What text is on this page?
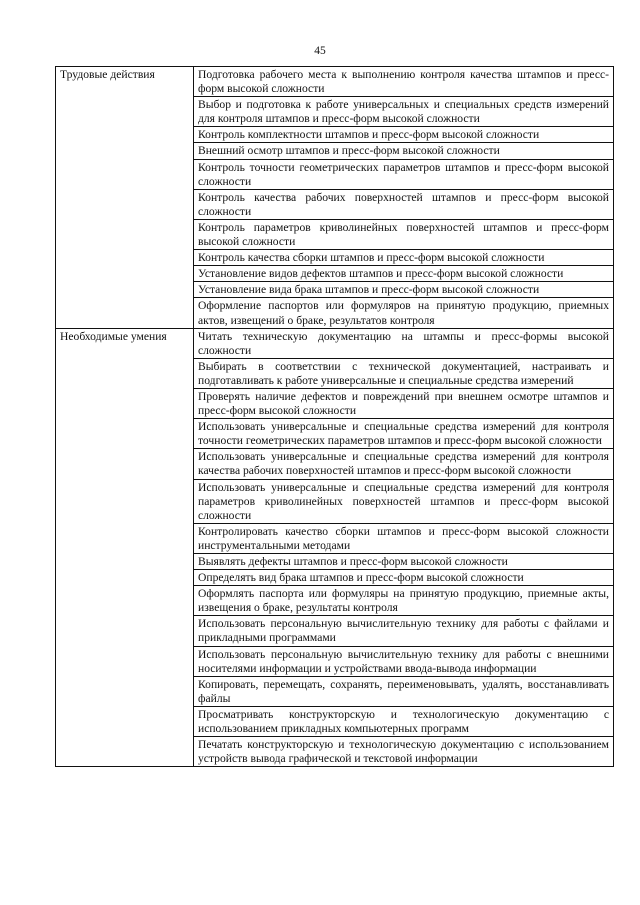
45
Трудовые действия	Подготовка рабочего места к выполнению контроля качества штампов и пресс-форм высокой сложности
	Выбор и подготовка к работе универсальных и специальных средств измерений для контроля штампов и пресс-форм высокой сложности
	Контроль комплектности штампов и пресс-форм высокой сложности
	Внешний осмотр штампов и пресс-форм высокой сложности
	Контроль точности геометрических параметров штампов и пресс-форм высокой сложности
	Контроль качества рабочих поверхностей штампов и пресс-форм высокой сложности
	Контроль параметров криволинейных поверхностей штампов и пресс-форм высокой сложности
	Контроль качества сборки штампов и пресс-форм высокой сложности
	Установление видов дефектов штампов и пресс-форм высокой сложности
	Установление вида брака штампов и пресс-форм высокой сложности
	Оформление паспортов или формуляров на принятую продукцию, приемных актов, извещений о браке, результатов контроля
Необходимые умения	Читать техническую документацию на штампы и пресс-формы высокой сложности
	Выбирать в соответствии с технической документацией, настраивать и подготавливать к работе универсальные и специальные средства измерений
	Проверять наличие дефектов и повреждений при внешнем осмотре штампов и пресс-форм высокой сложности
	Использовать универсальные и специальные средства измерений для контроля точности геометрических параметров штампов и пресс-форм высокой сложности
	Использовать универсальные и специальные средства измерений для контроля качества рабочих поверхностей штампов и пресс-форм высокой сложности
	Использовать универсальные и специальные средства измерений для контроля параметров криволинейных поверхностей штампов и пресс-форм высокой сложности
	Контролировать качество сборки штампов и пресс-форм высокой сложности инструментальными методами
	Выявлять дефекты штампов и пресс-форм высокой сложности
	Определять вид брака штампов и пресс-форм высокой сложности
	Оформлять паспорта или формуляры на принятую продукцию, приемные акты, извещения о браке, результаты контроля
	Использовать персональную вычислительную технику для работы с файлами и прикладными программами
	Использовать персональную вычислительную технику для работы с внешними носителями информации и устройствами ввода-вывода информации
	Копировать, перемещать, сохранять, переименовывать, удалять, восстанавливать файлы
	Просматривать конструкторскую и технологическую документацию с использованием прикладных компьютерных программ
	Печатать конструкторскую и технологическую документацию с использованием устройств вывода графической и текстовой информации
